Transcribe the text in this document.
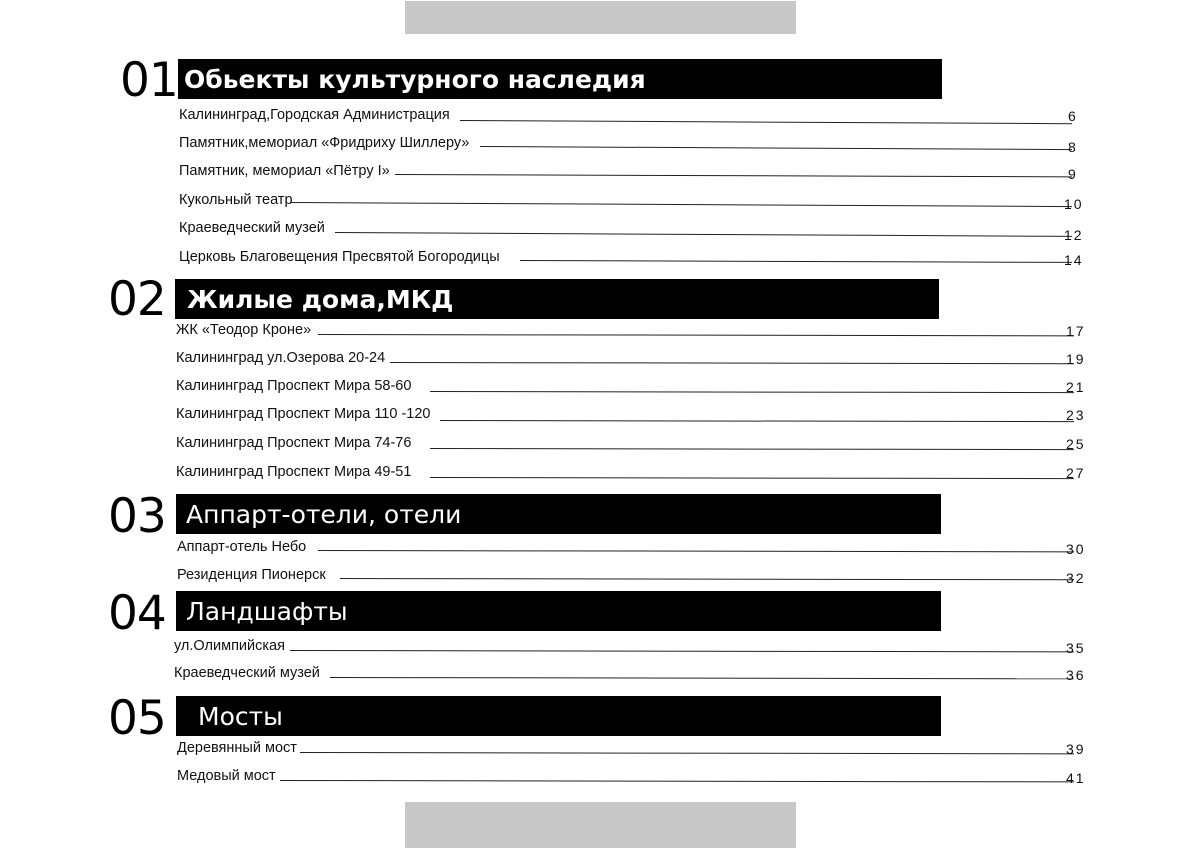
01 Обьекты культурного наследия
Калининград,Городская Администрация	6
Памятник,мемориал «Фридриху Шиллеру»	8
Памятник, мемориал «Пётру I»	9
Кукольный театр	10
Краеведческий музей	12
Церковь Благовещения Пресвятой Богородицы	14
02 Жилые дома,МКД
ЖК «Теодор Кроне»	17
Калининград ул.Озерова 20-24	19
Калининград Проспект Мира 58-60	21
Калининград Проспект Мира 110 -120	23
Калининград Проспект Мира 74-76	25
Калининград Проспект Мира 49-51	27
03 Аппарт-отели, отели
Аппарт-отель Небо	30
Резиденция Пионерск	32
04 Ландшафты
ул.Олимпийская	35
Краеведческий музей	36
05	Мосты
Деревянный мост	39
Медовый мост	41
